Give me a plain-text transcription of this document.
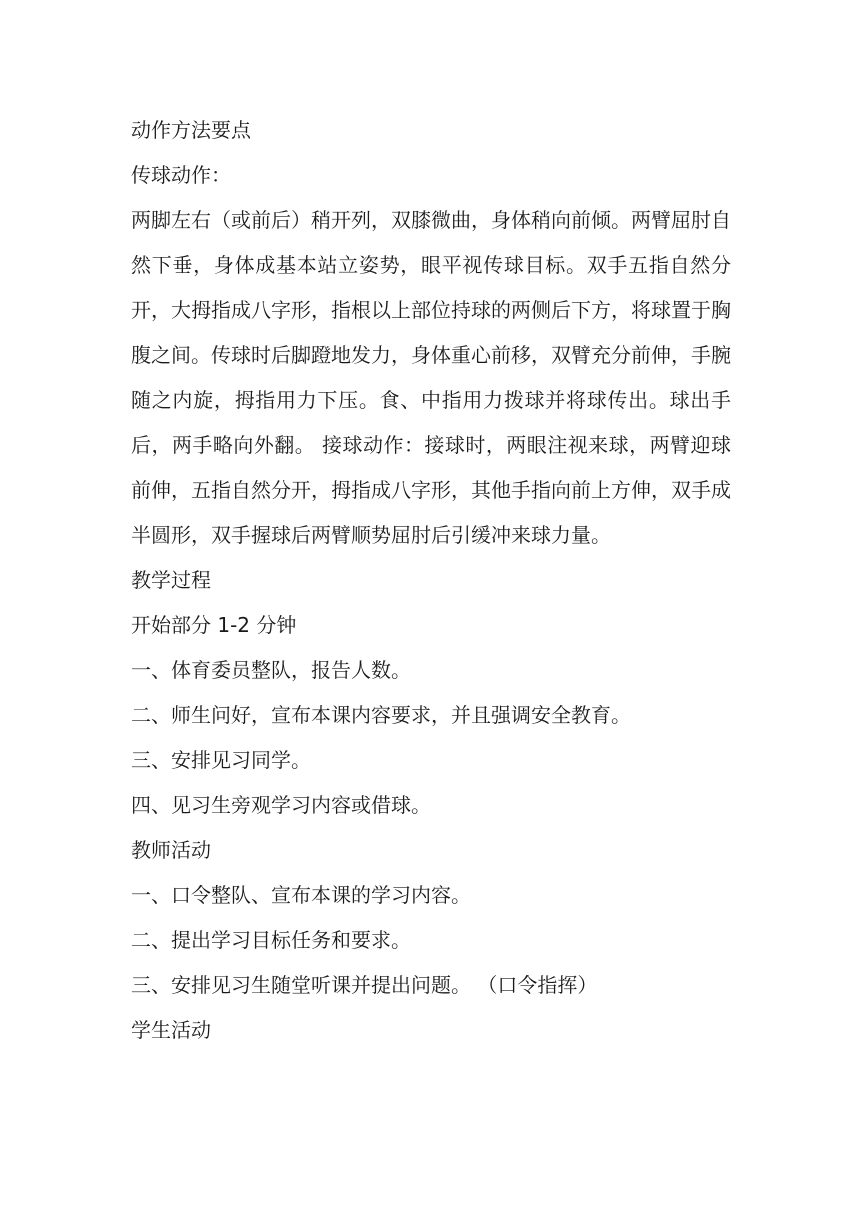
动作方法要点
传球动作：
两脚左右（或前后）稍开列，双膝微曲，身体稍向前倾。两臂屈肘自然下垂，身体成基本站立姿势，眼平视传球目标。双手五指自然分开，大拇指成八字形，指根以上部位持球的两侧后下方，将球置于胸腹之间。传球时后脚蹬地发力，身体重心前移，双臂充分前伸，手腕随之内旋，拇指用力下压。食、中指用力拨球并将球传出。球出手后，两手略向外翻。 接球动作：接球时，两眼注视来球，两臂迎球前伸，五指自然分开，拇指成八字形，其他手指向前上方伸，双手成半圆形，双手握球后两臂顺势屈肘后引缓冲来球力量。
教学过程
开始部分 1-2 分钟
一、体育委员整队，报告人数。
二、师生问好，宣布本课内容要求，并且强调安全教育。
三、安排见习同学。
四、见习生旁观学习内容或借球。
教师活动
一、口令整队、宣布本课的学习内容。
二、提出学习目标任务和要求。
三、安排见习生随堂听课并提出问题。 （口令指挥）
学生活动
